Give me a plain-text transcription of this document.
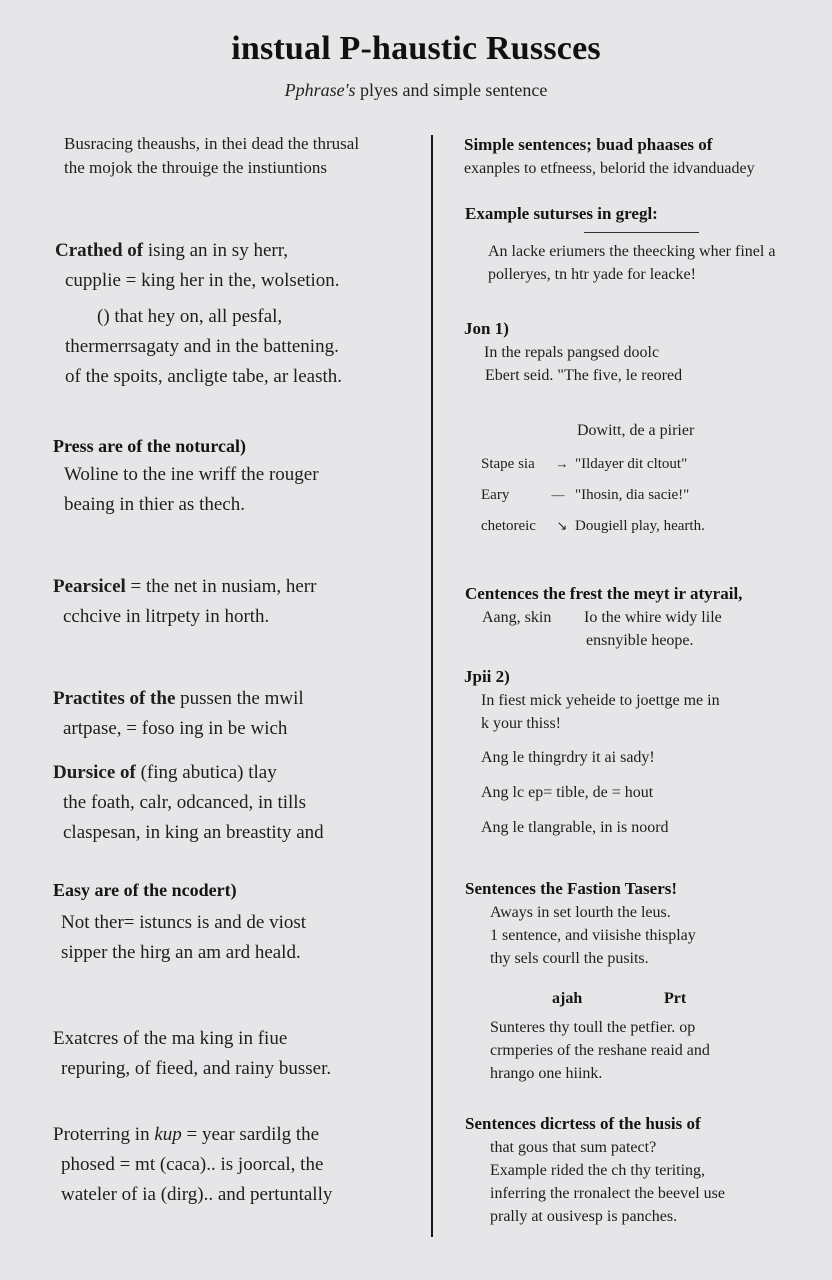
instual P-haustic Russces
Pphrase's plyes and simple sentence
Busracing theaushs, in thei dead the thrusal
the mojok the throuige the instiuntions
Crathed of ising an in sy herr,
cupplie = king her in the, wolsetion.
() that hey on, all pesfal,
thermerrsagaty and in the battening.
of the spoits, ancligte tabe, ar leasth.
Press are of the noturcal)
Woline to the ine wriff the rouger
beaing in thier as thech.
Pearsicel = the net in nusiam, herr
cchcive in litrpety in horth.
Practites of the pussen the mwil
artpase, = foso ing in be wich
Dursice of (fing abutica) tlay
the foath, calr, odcanced, in tills
claspesan, in king an breastity and
Easy are of the ncodert)
Not ther= istuncs is and de viost
sipper the hirg an am ard heald.
Exatcres of the ma king in fiue
repuring, of fieed, and rainy busser.
Proterring in kup = year sardilg the
phosed = mt (caca).. is joorcal, the
wateler of ia (dirg).. and pertuntally
Simple sentences; buad phaases of
exanples to etfneess, belorid the idvanduadey
Example suturses in gregl:
An lacke eriumers the theecking wher finel a
polleryes, tn htr yade for leacke!
Jon 1)
In the repals pangsed doolc
Ebert seid. "The five, le reored
Dowitt, de a pirier
Stape sia → "Ildayer dit cltout"
Eary	— "Ihosin, dia sacie!"
chetoreic ↘ Dougiell play, hearth.
Centences the frest the meyt ir atyrail,
Aang, skin Io the whire widy lile
ensnyible heope.
Jpii 2)
In fiest mick yeheide to joettge me in
k your thiss!
Ang le thingrdry it ai sady!
Ang lc ep= tible, de = hout
Ang le tlangrable, in is noord
Sentences the Fastion Tasers!
Aways in set lourth the leus.
1 sentence, and viisishe thisplay
thy sels courll the pusits.
ajah	Prt
Sunteres thy toull the petfier. op
crmperies of the reshane reaid and
hrango one hiink.
Sentences dicrtess of the husis of
that gous that sum patect?
Example rided the ch thy teriting,
inferring the rronalect the beevel use
prally at ousivesp is panches.
